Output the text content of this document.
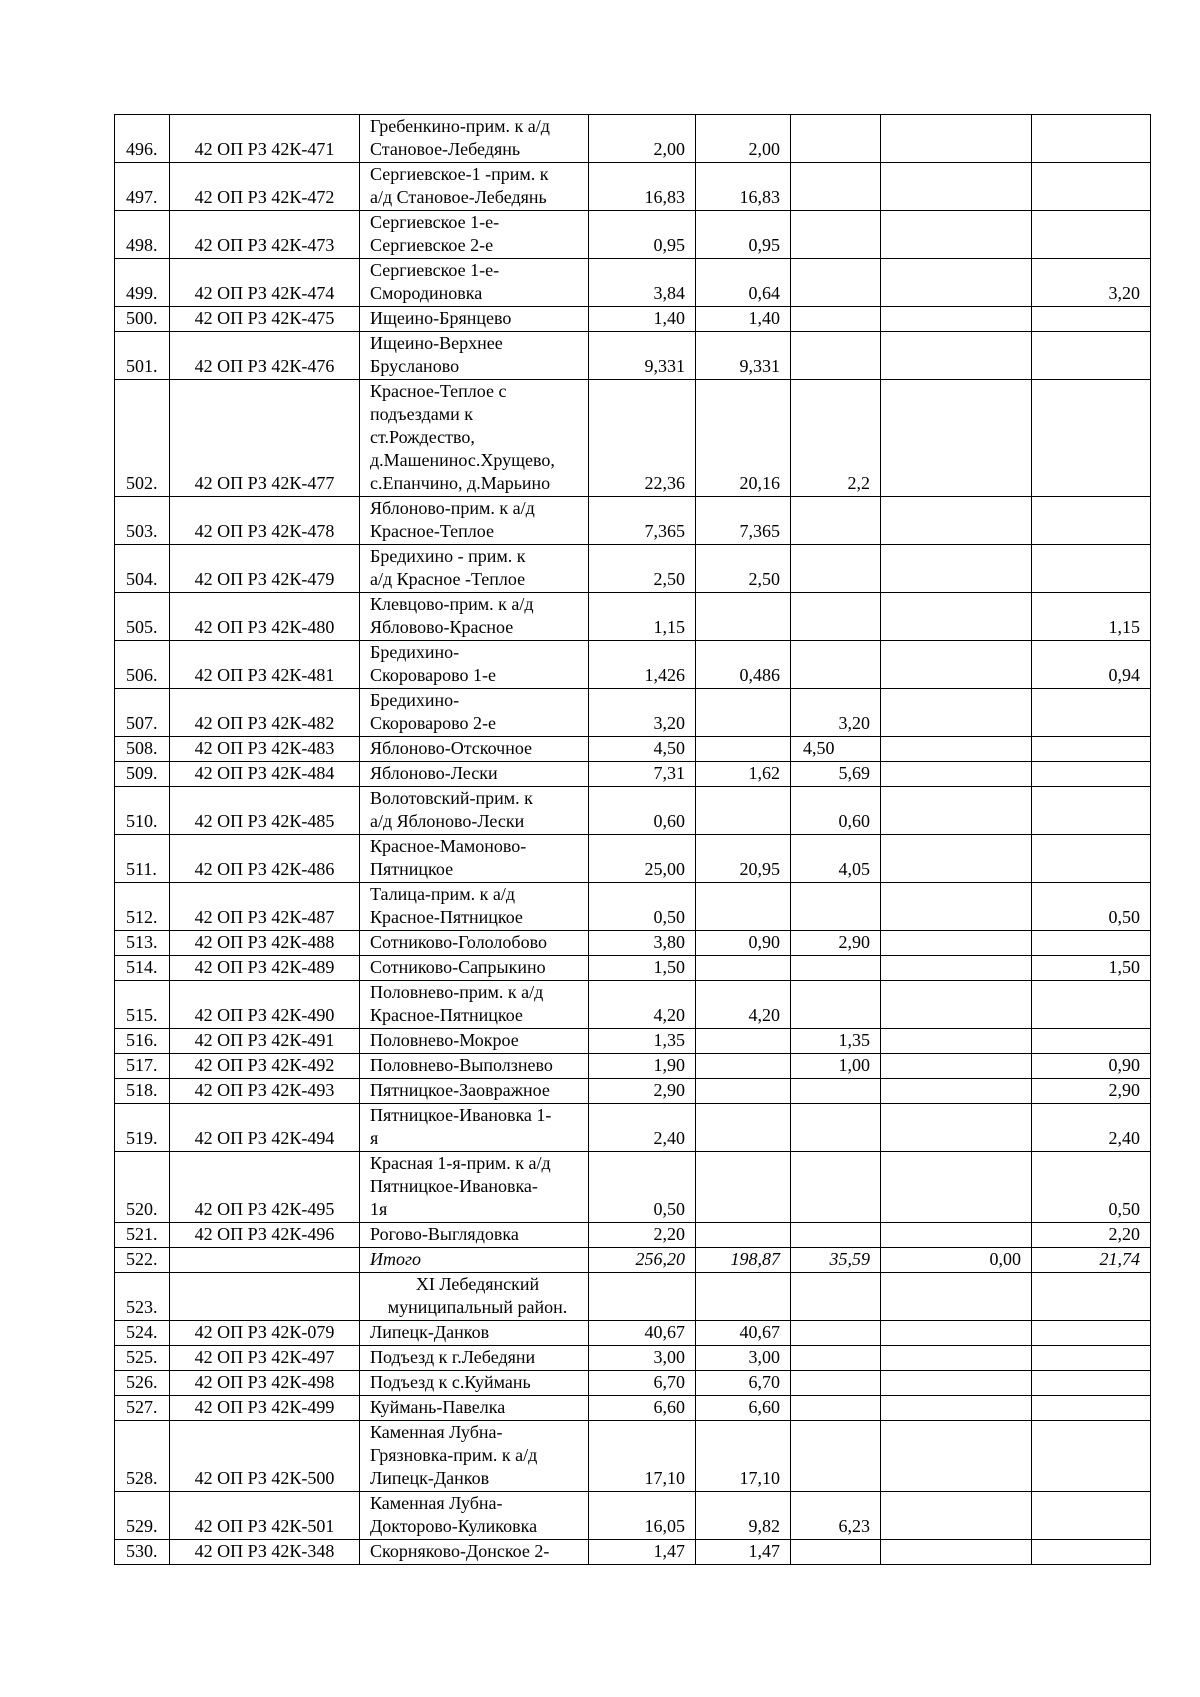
496.	42 ОП РЗ 42К-471	Гребенкино-прим. к а/д
Становое-Лебедянь	2,00	2,00			
497.	42 ОП РЗ 42К-472	Сергиевское-1 -прим. к
а/д Становое-Лебедянь	16,83	16,83			
498.	42 ОП РЗ 42К-473	Сергиевское 1-е-
Сергиевское 2-е	0,95	0,95			
499.	42 ОП РЗ 42К-474	Сергиевское 1-е-
Смородиновка	3,84	0,64			3,20
500.	42 ОП РЗ 42К-475	Ищеино-Брянцево	1,40	1,40			
501.	42 ОП РЗ 42К-476	Ищеино-Верхнее
Брусланово	9,331	9,331			
502.	42 ОП РЗ 42К-477	Красное-Теплое с
подъездами к
ст.Рождество,
д.Машенинос.Хрущево,
с.Епанчино, д.Марьино	22,36	20,16	2,2		
503.	42 ОП РЗ 42К-478	Яблоново-прим. к а/д
Красное-Теплое	7,365	7,365			
504.	42 ОП РЗ 42К-479	Бредихино - прим. к
а/д Красное -Теплое	2,50	2,50			
505.	42 ОП РЗ 42К-480	Клевцово-прим. к а/д
Ябловово-Красное	1,15				1,15
506.	42 ОП РЗ 42К-481	Бредихино-
Скороварово 1-е	1,426	0,486			0,94
507.	42 ОП РЗ 42К-482	Бредихино-
Скороварово 2-е	3,20		3,20		
508.	42 ОП РЗ 42К-483	Яблоново-Отскочное	4,50		4,50		
509.	42 ОП РЗ 42К-484	Яблоново-Лески	7,31	1,62	5,69		
510.	42 ОП РЗ 42К-485	Волотовский-прим. к
а/д Яблоново-Лески	0,60		0,60		
511.	42 ОП РЗ 42К-486	Красное-Мамоново-
Пятницкое	25,00	20,95	4,05		
512.	42 ОП РЗ 42К-487	Талица-прим. к а/д
Красное-Пятницкое	0,50				0,50
513.	42 ОП РЗ 42К-488	Сотниково-Гололобово	3,80	0,90	2,90		
514.	42 ОП РЗ 42К-489	Сотниково-Сапрыкино	1,50				1,50
515.	42 ОП РЗ 42К-490	Половнево-прим. к а/д
Красное-Пятницкое	4,20	4,20			
516.	42 ОП РЗ 42К-491	Половнево-Мокрое	1,35		1,35		
517.	42 ОП РЗ 42К-492	Половнево-Выползнево	1,90		1,00		0,90
518.	42 ОП РЗ 42К-493	Пятницкое-Заовражное	2,90				2,90
519.	42 ОП РЗ 42К-494	Пятницкое-Ивановка 1-
я	2,40				2,40
520.	42 ОП РЗ 42К-495	Красная 1-я-прим. к а/д
Пятницкое-Ивановка-
1я	0,50				0,50
521.	42 ОП РЗ 42К-496	Рогово-Выглядовка	2,20				2,20
522.		Итого	256,20	198,87	35,59	0,00	21,74
523.		XI Лебедянский
муниципальный район.					
524.	42 ОП РЗ 42К-079	Липецк-Данков	40,67	40,67			
525.	42 ОП РЗ 42К-497	Подъезд к г.Лебедяни	3,00	3,00			
526.	42 ОП РЗ 42К-498	Подъезд к с.Куймань	6,70	6,70			
527.	42 ОП РЗ 42К-499	Куймань-Павелка	6,60	6,60			
528.	42 ОП РЗ 42К-500	Каменная Лубна-
Грязновка-прим. к а/д
Липецк-Данков	17,10	17,10			
529.	42 ОП РЗ 42К-501	Каменная Лубна-
Докторово-Куликовка	16,05	9,82	6,23		
530.	42 ОП РЗ 42К-348	Скорняково-Донское 2-	1,47	1,47			
